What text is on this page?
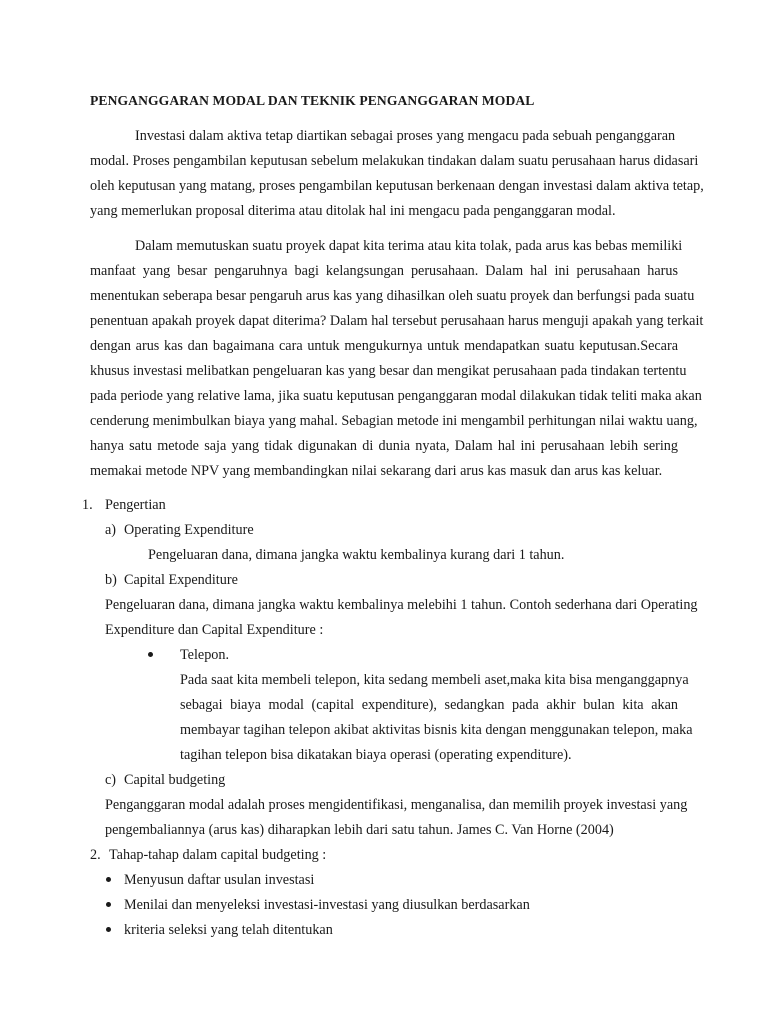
PENGANGGARAN MODAL DAN TEKNIK PENGANGGARAN MODAL
Investasi dalam aktiva tetap diartikan sebagai proses yang mengacu pada sebuah penganggaran
modal. Proses pengambilan keputusan sebelum melakukan tindakan dalam suatu perusahaan harus didasari
oleh keputusan yang matang, proses pengambilan keputusan berkenaan dengan investasi dalam aktiva tetap,
yang memerlukan proposal diterima atau ditolak hal ini mengacu pada penganggaran modal.
Dalam memutuskan suatu proyek dapat kita terima atau kita tolak, pada arus kas bebas memiliki
manfaat yang besar pengaruhnya bagi kelangsungan perusahaan. Dalam hal ini perusahaan harus
menentukan seberapa besar pengaruh arus kas yang dihasilkan oleh suatu proyek dan berfungsi pada suatu
penentuan apakah proyek dapat diterima? Dalam hal tersebut perusahaan harus menguji apakah yang terkait
dengan arus kas dan bagaimana cara untuk mengukurnya untuk mendapatkan suatu keputusan.Secara
khusus investasi melibatkan pengeluaran kas yang besar dan mengikat perusahaan pada tindakan tertentu
pada periode yang relative lama, jika suatu keputusan penganggaran modal dilakukan tidak teliti maka akan
cenderung menimbulkan biaya yang mahal. Sebagian metode ini mengambil perhitungan nilai waktu uang,
hanya satu metode saja yang tidak digunakan di dunia nyata, Dalam hal ini perusahaan lebih sering
memakai metode NPV yang membandingkan nilai sekarang dari arus kas masuk dan arus kas keluar.
1. Pengertian
a) Operating Expenditure
Pengeluaran dana, dimana jangka waktu kembalinya kurang dari 1 tahun.
b) Capital Expenditure
Pengeluaran dana, dimana jangka waktu kembalinya melebihi 1 tahun. Contoh sederhana dari Operating
Expenditure dan Capital Expenditure :
Telepon.
Pada saat kita membeli telepon, kita sedang membeli aset,maka kita bisa menganggapnya
sebagai biaya modal (capital expenditure), sedangkan pada akhir bulan kita akan
membayar tagihan telepon akibat aktivitas bisnis kita dengan menggunakan telepon, maka
tagihan telepon bisa dikatakan biaya operasi (operating expenditure).
c) Capital budgeting
Penganggaran modal adalah proses mengidentifikasi, menganalisa, dan memilih proyek investasi yang
pengembaliannya (arus kas) diharapkan lebih dari satu tahun. James C. Van Horne (2004)
2. Tahap-tahap dalam capital budgeting :
Menyusun daftar usulan investasi
Menilai dan menyeleksi investasi-investasi yang diusulkan berdasarkan
kriteria seleksi yang telah ditentukan
